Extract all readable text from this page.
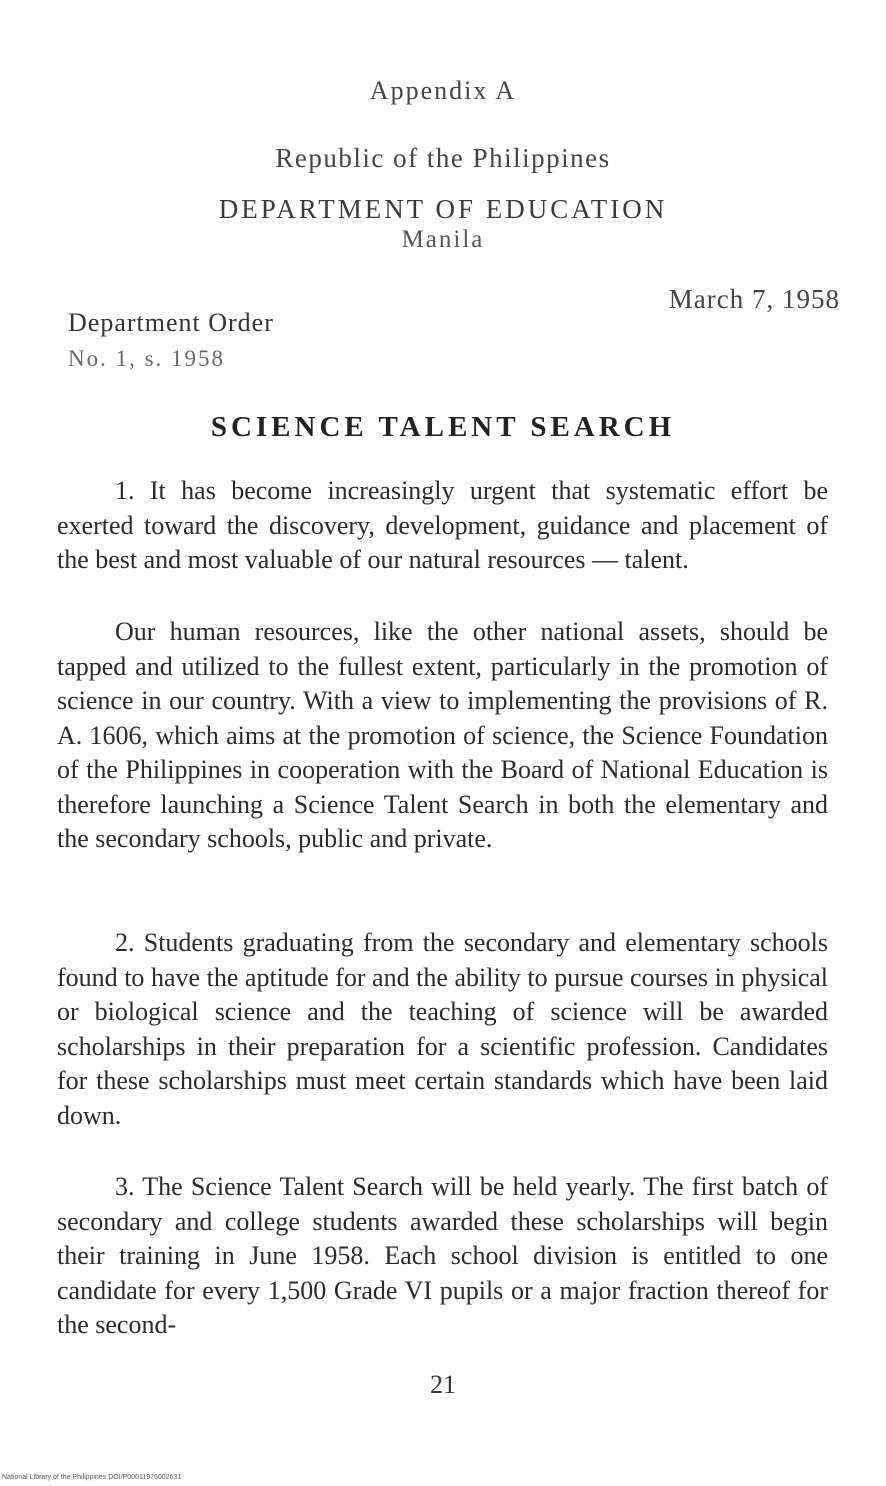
Appendix A
Republic of the Philippines
DEPARTMENT OF EDUCATION
Manila
March 7, 1958
Department Order
No. 1, s. 1958
SCIENCE TALENT SEARCH

1. It has become increasingly urgent that systematic effort be exerted toward the discovery, development, guidance and placement of the best and most valuable of our natural resources — talent.

Our human resources, like the other national assets, should be tapped and utilized to the fullest extent, particularly in the promotion of science in our country. With a view to implementing the provisions of R. A. 1606, which aims at the promotion of science, the Science Foundation of the Philippines in cooperation with the Board of National Education is therefore launching a Science Talent Search in both the elementary and the secondary schools, public and private.

2. Students graduating from the secondary and elementary schools found to have the aptitude for and the ability to pursue courses in physical or biological science and the teaching of science will be awarded scholarships in their preparation for a scientific profession. Candidates for these scholarships must meet certain standards which have been laid down.

3. The Science Talent Search will be held yearly. The first batch of secondary and college students awarded these scholarships will begin their training in June 1958. Each school division is entitled to one candidate for every 1,500 Grade VI pupils or a major fraction thereof for the second-

21
National Library of the Philippines DOI/P00011976002631
